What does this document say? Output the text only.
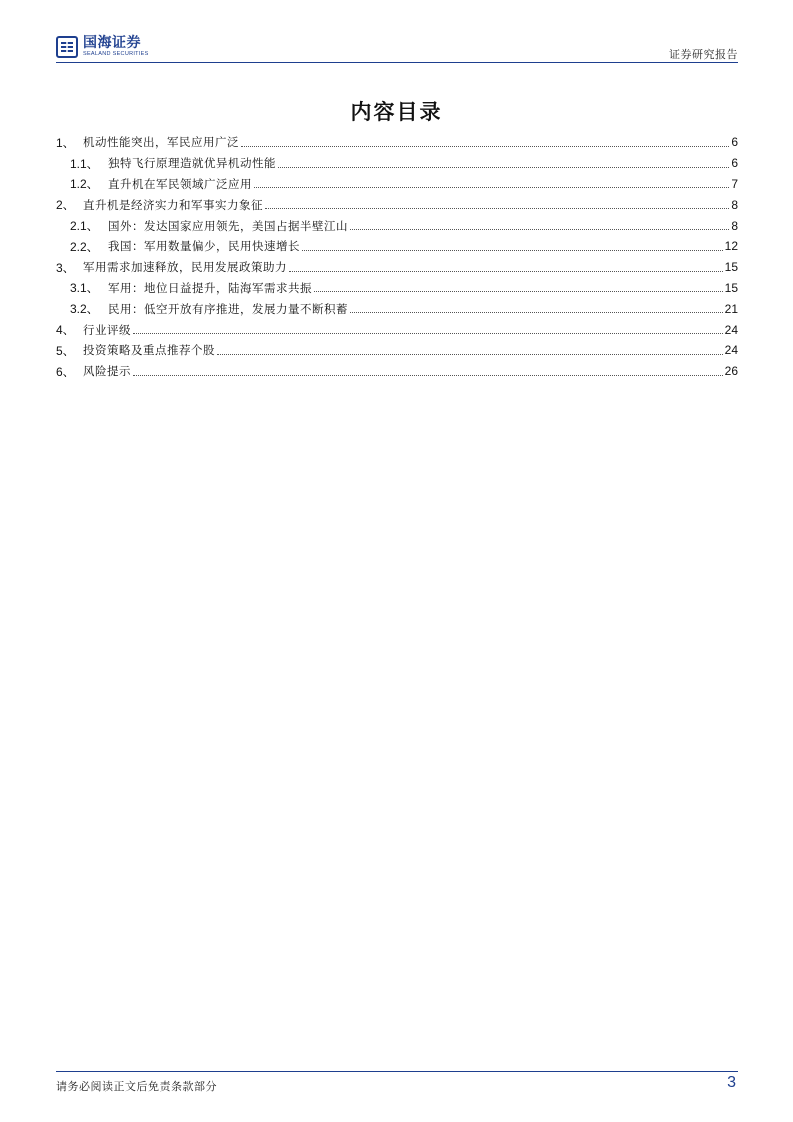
国海证券
SEALAND SECURITIES	证券研究报告
内容目录
1、 机动性能突出，军民应用广泛	6
1.1、 独特飞行原理造就优异机动性能	6
1.2、 直升机在军民领域广泛应用	7
2、 直升机是经济实力和军事实力象征	8
2.1、 国外：发达国家应用领先，美国占据半壁江山	8
2.2、 我国：军用数量偏少，民用快速增长	12
3、 军用需求加速释放，民用发展政策助力	15
3.1、 军用：地位日益提升，陆海军需求共振	15
3.2、 民用：低空开放有序推进，发展力量不断积蓄	21
4、 行业评级	24
5、 投资策略及重点推荐个股	24
6、 风险提示	26
请务必阅读正文后免责条款部分	3
